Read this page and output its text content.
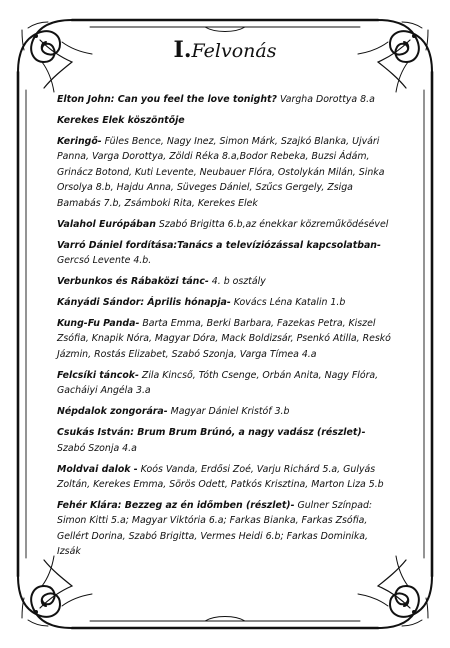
I.Felvonás

Elton John: Can you feel the love tonight? Vargha Dorottya 8.a

Kerekes Elek köszöntője

Keringő- Füles Bence, Nagy Inez, Simon Márk, Szajkó Blanka, Ujvári Panna, Varga Dorottya, Zöldi Réka 8.a,Bodor Rebeka, Buzsi Ádám, Grinácz Botond, Kuti Levente, Neubauer Flóra, Ostolykán Milán, Sinka Orsolya 8.b, Hajdu Anna, Süveges Dániel, Szűcs Gergely, Zsiga Bamabás 7.b, Zsámboki Rita, Kerekes Elek

Valahol Európában Szabó Brigitta 6.b,az énekkar közreműködésével

Varró Dániel fordítása:Tanács a televíziózással kapcsolatban- Gercsó Levente 4.b.

Verbunkos és Rábaközi tánc- 4. b osztály

Kányádi Sándor: Április hónapja- Kovács Léna Katalin 1.b

Kung-Fu Panda- Barta Emma, Berki Barbara, Fazekas Petra, Kiszel Zsófia, Knapik Nóra, Magyar Dóra, Mack Boldizsár, Psenkó Atilla, Reskó Jázmin, Rostás Elizabet, Szabó Szonja, Varga Tímea 4.a

Felcsíki táncok- Zila Kincső, Tóth Csenge, Orbán Anita, Nagy Flóra, Gacháiyi Angéla 3.a

Népdalok zongorára- Magyar Dániel Kristóf 3.b

Csukás István: Brum Brum Brúnó, a nagy vadász (részlet)- Szabó Szonja 4.a

Moldvai dalok - Koós Vanda, Erdősi Zoé, Varju Richárd 5.a, Gulyás Zoltán, Kerekes Emma, Sörös Odett, Patkós Krisztina, Marton Liza 5.b

Fehér Klára: Bezzeg az én időmben (részlet)- Gulner Színpad: Simon Kitti 5.a; Magyar Viktória 6.a; Farkas Bianka, Farkas Zsófia, Gellért Dorina, Szabó Brigitta, Vermes Heidi 6.b; Farkas Dominika, Izsák
